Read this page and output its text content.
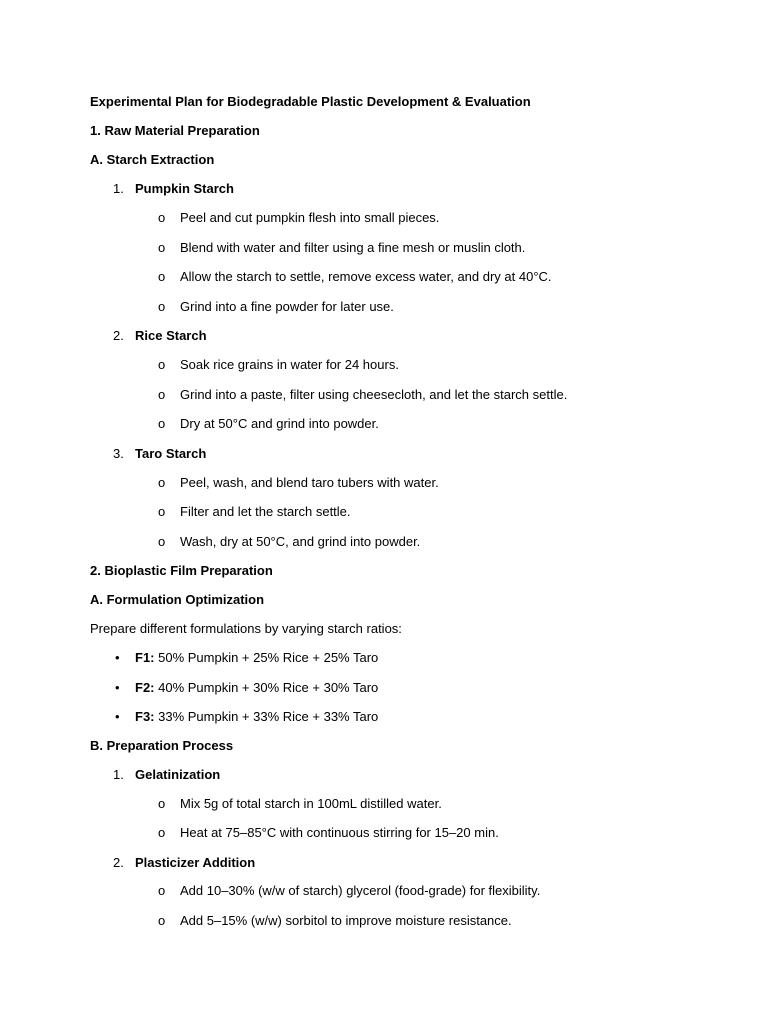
Experimental Plan for Biodegradable Plastic Development & Evaluation
1. Raw Material Preparation
A. Starch Extraction
1. Pumpkin Starch
o Peel and cut pumpkin flesh into small pieces.
o Blend with water and filter using a fine mesh or muslin cloth.
o Allow the starch to settle, remove excess water, and dry at 40°C.
o Grind into a fine powder for later use.
2. Rice Starch
o Soak rice grains in water for 24 hours.
o Grind into a paste, filter using cheesecloth, and let the starch settle.
o Dry at 50°C and grind into powder.
3. Taro Starch
o Peel, wash, and blend taro tubers with water.
o Filter and let the starch settle.
o Wash, dry at 50°C, and grind into powder.
2. Bioplastic Film Preparation
A. Formulation Optimization
Prepare different formulations by varying starch ratios:
• F1: 50% Pumpkin + 25% Rice + 25% Taro
• F2: 40% Pumpkin + 30% Rice + 30% Taro
• F3: 33% Pumpkin + 33% Rice + 33% Taro
B. Preparation Process
1. Gelatinization
o Mix 5g of total starch in 100mL distilled water.
o Heat at 75–85°C with continuous stirring for 15–20 min.
2. Plasticizer Addition
o Add 10–30% (w/w of starch) glycerol (food-grade) for flexibility.
o Add 5–15% (w/w) sorbitol to improve moisture resistance.
